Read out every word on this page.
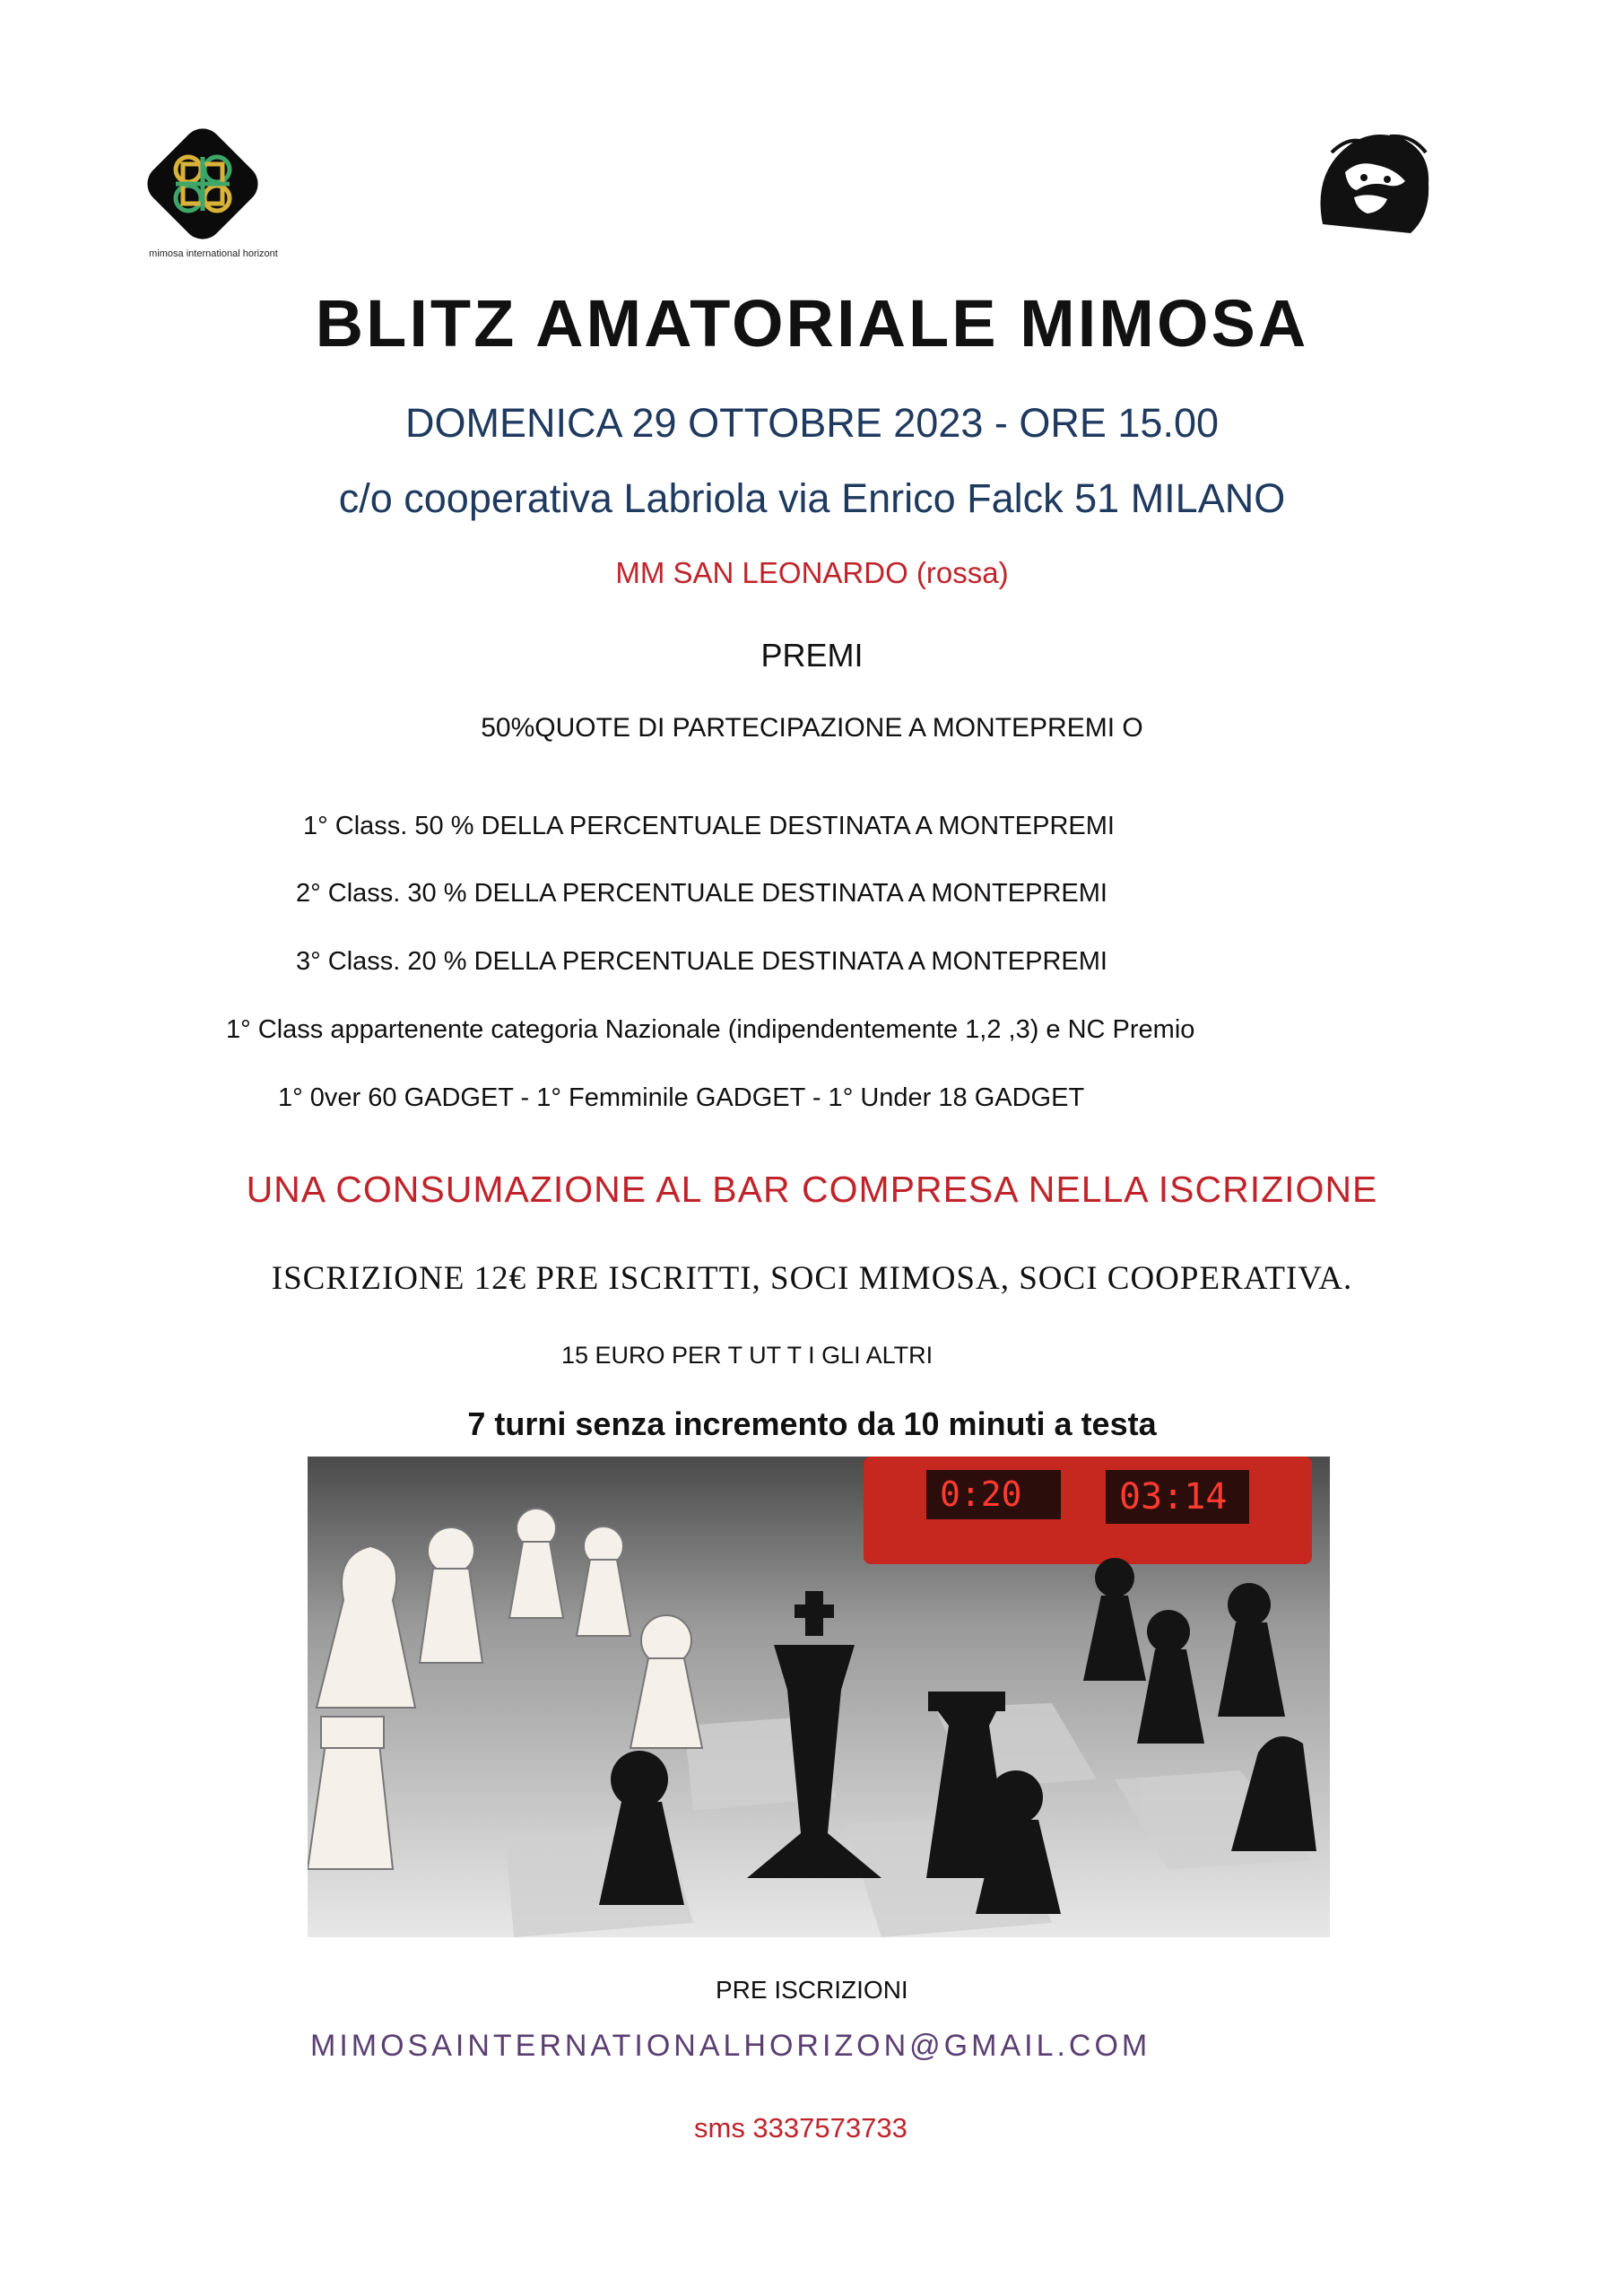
mimosa international horizont
BLITZ AMATORIALE MIMOSA
DOMENICA 29 OTTOBRE 2023 - ORE 15.00
c/o cooperativa Labriola via Enrico Falck 51 MILANO
MM SAN LEONARDO (rossa)
PREMI
50%QUOTE DI PARTECIPAZIONE A MONTEPREMI O
1° Class. 50 % DELLA PERCENTUALE DESTINATA A MONTEPREMI
2° Class. 30 % DELLA PERCENTUALE DESTINATA A MONTEPREMI
3° Class. 20 % DELLA PERCENTUALE DESTINATA A MONTEPREMI
1° Class appartenente categoria Nazionale (indipendentemente 1,2 ,3) e NC Premio
1° 0ver 60 GADGET - 1° Femminile GADGET - 1° Under 18 GADGET
UNA CONSUMAZIONE AL BAR COMPRESA NELLA ISCRIZIONE
ISCRIZIONE 12€ PRE ISCRITTI, SOCI MIMOSA, SOCI COOPERATIVA.
15 EURO PER T UT T I GLI ALTRI
7 turni senza incremento da 10 minuti a testa
0:20	03:14
PRE ISCRIZIONI
MIMOSAINTERNATIONALHORIZON@GMAIL.COM
sms 3337573733
